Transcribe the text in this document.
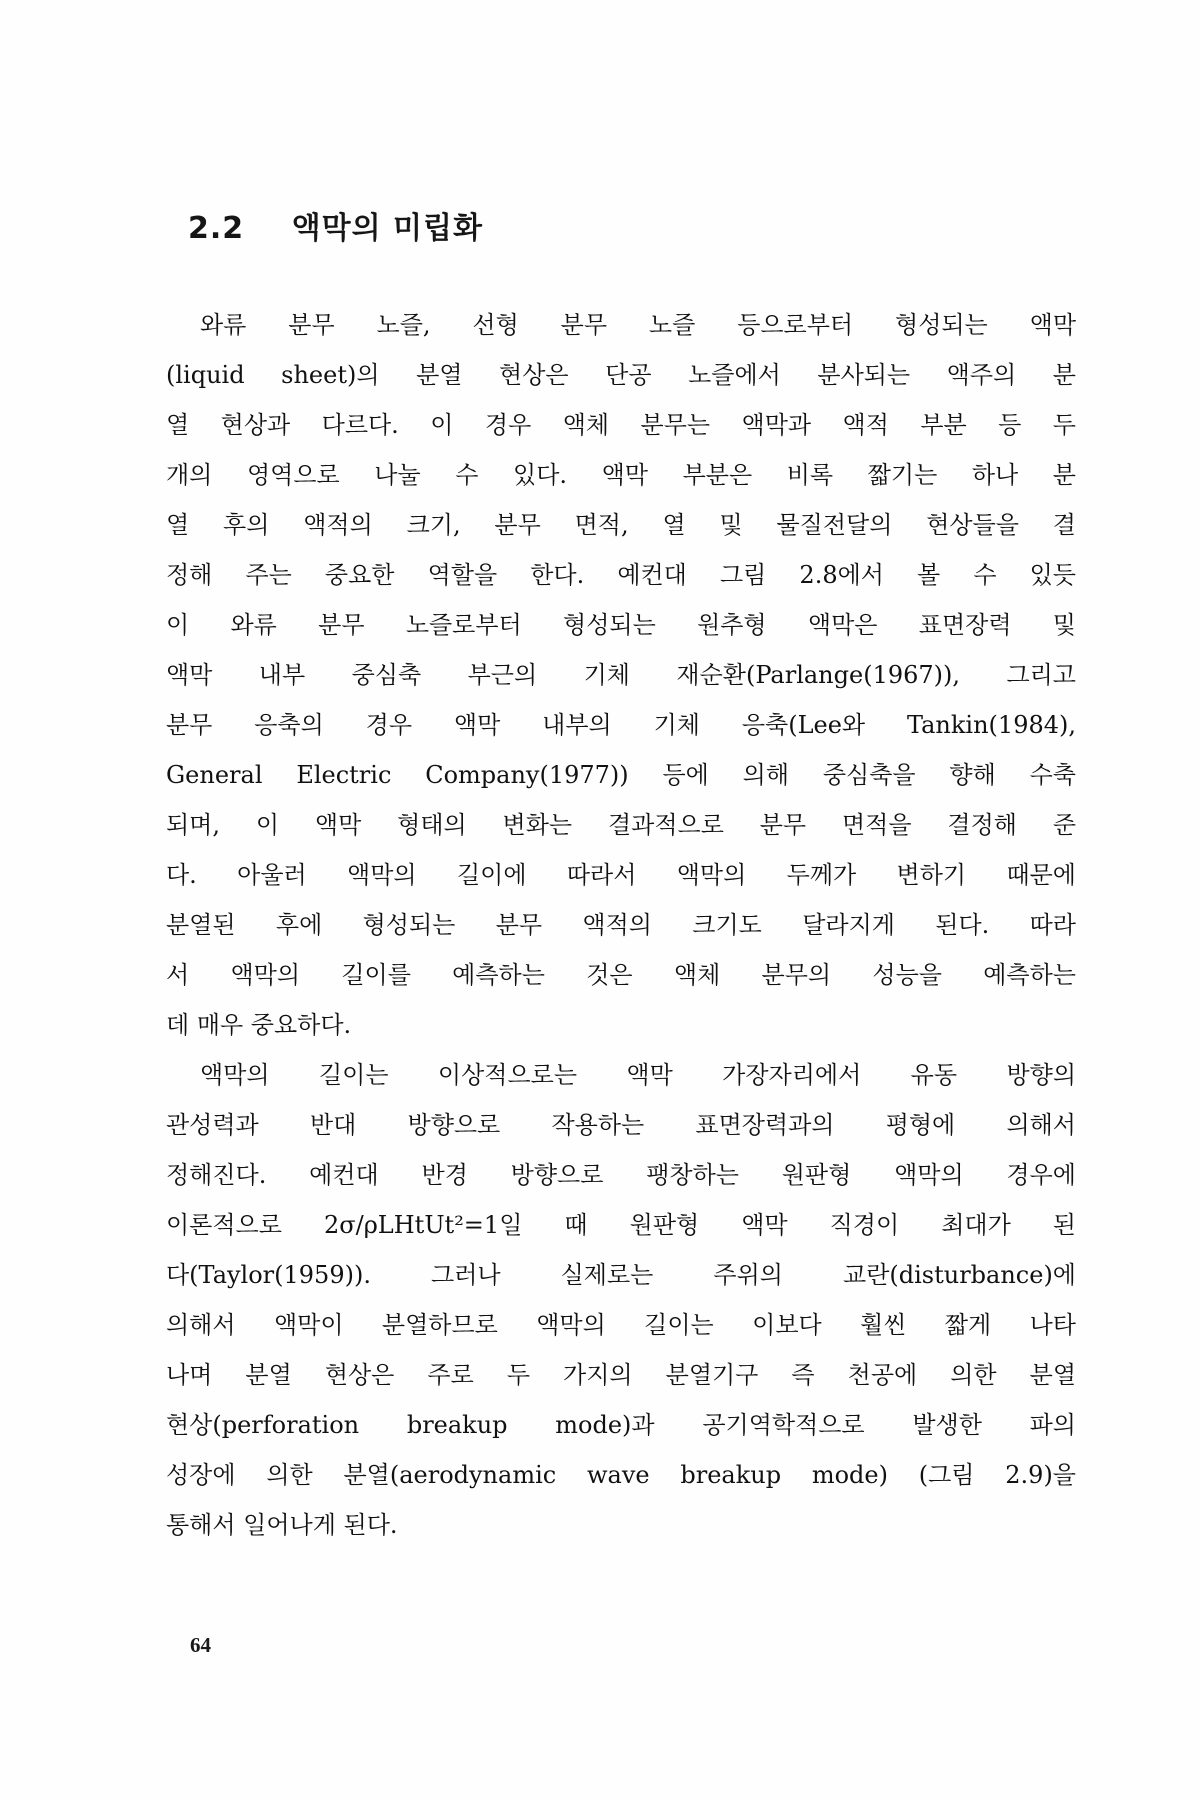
2.2 액막의 미립화
와류 분무 노즐, 선형 분무 노즐 등으로부터 형성되는 액막
(liquid sheet)의 분열 현상은 단공 노즐에서 분사되는 액주의 분
열 현상과 다르다. 이 경우 액체 분무는 액막과 액적 부분 등 두
개의 영역으로 나눌 수 있다. 액막 부분은 비록 짧기는 하나 분
열 후의 액적의 크기, 분무 면적, 열 및 물질전달의 현상들을 결
정해 주는 중요한 역할을 한다. 예컨대 그림 2.8에서 볼 수 있듯
이 와류 분무 노즐로부터 형성되는 원추형 액막은 표면장력 및
액막 내부 중심축 부근의 기체 재순환(Parlange(1967)), 그리고
분무 응축의 경우 액막 내부의 기체 응축(Lee와 Tankin(1984),
General Electric Company(1977)) 등에 의해 중심축을 향해 수축
되며, 이 액막 형태의 변화는 결과적으로 분무 면적을 결정해 준
다. 아울러 액막의 길이에 따라서 액막의 두께가 변하기 때문에
분열된 후에 형성되는 분무 액적의 크기도 달라지게 된다. 따라
서 액막의 길이를 예측하는 것은 액체 분무의 성능을 예측하는
데 매우 중요하다.
액막의 길이는 이상적으로는 액막 가장자리에서 유동 방향의
관성력과 반대 방향으로 작용하는 표면장력과의 평형에 의해서
정해진다. 예컨대 반경 방향으로 팽창하는 원판형 액막의 경우에
이론적으로 2σ/ρLHtUt²=1일 때 원판형 액막 직경이 최대가 된
다(Taylor(1959)). 그러나 실제로는 주위의 교란(disturbance)에
의해서 액막이 분열하므로 액막의 길이는 이보다 훨씬 짧게 나타
나며 분열 현상은 주로 두 가지의 분열기구 즉 천공에 의한 분열
현상(perforation breakup mode)과 공기역학적으로 발생한 파의
성장에 의한 분열(aerodynamic wave breakup mode) (그림 2.9)을
통해서 일어나게 된다.
64
